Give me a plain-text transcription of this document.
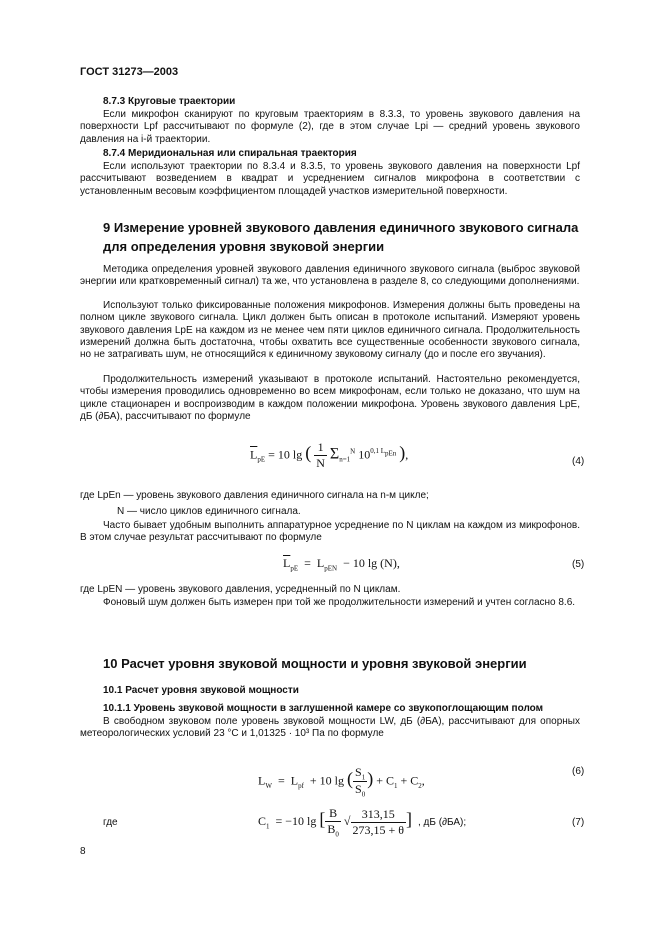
ГОСТ 31273—2003
8.7.3 Круговые траектории
Если микрофон сканируют по круговым траекториям в 8.3.3, то уровень звукового давления на поверхности Lpf рассчитывают по формуле (2), где в этом случае Lpi — средний уровень звукового давления на i-й траектории.
8.7.4 Меридиональная или спиральная траектория
Если используют траектории по 8.3.4 и 8.3.5, то уровень звукового давления на поверхности Lpf рассчитывают возведением в квадрат и усреднением сигналов микрофона в соответствии с установленным весовым коэффициентом площадей участков измерительной поверхности.
9 Измерение уровней звукового давления единичного звукового сигнала для определения уровня звуковой энергии
Методика определения уровней звукового давления единичного звукового сигнала (выброс звуковой энергии или кратковременный сигнал) та же, что установлена в разделе 8, со следующими дополнениями.
Используют только фиксированные положения микрофонов. Измерения должны быть проведены на полном цикле звукового сигнала. Цикл должен быть описан в протоколе испытаний. Измеряют уровень звукового давления LpE на каждом из не менее чем пяти циклов единичного сигнала. Продолжительность измерений должна быть достаточна, чтобы охватить все существенные особенности звукового сигнала, но не затрагивать шум, не относящийся к единичному звуковому сигналу (до и после его звучания).
Продолжительность измерений указывают в протоколе испытаний. Настоятельно рекомендуется, чтобы измерения проводились одновременно во всем микрофонам, если только не доказано, что шум на цикле стационарен и воспроизводим в каждом положении микрофона. Уровень звукового давления LpE, дБ (∂БА), рассчитывают по формуле
$\overline{L}_{pE} = 10$ lg ( $\frac{1}{N} \Sigma_{n=1}^N$ $10^{0,1 L_{pEn}}$ ),
(4)
где LpEn — уровень звукового давления единичного сигнала на n-м цикле;
N — число циклов единичного сигнала.
Часто бывает удобным выполнить аппаратурное усреднение по N циклам на каждом из микрофонов. В этом случае результат рассчитывают по формуле
$\overline{L}_{pE} = L_{pEN} - 10$ lg (N),	(5)
где LpEN — уровень звукового давления, усредненный по N циклам.
Фоновый шум должен быть измерен при той же продолжительности измерений и учтен согласно 8.6.
10 Расчет уровня звуковой мощности и уровня звуковой энергии
10.1 Расчет уровня звуковой мощности
10.1.1 Уровень звуковой мощности в заглушенной камере со звукопоглощающим полом
В свободном звуковом поле уровень звуковой мощности LW, дБ (∂БА), рассчитывают для опорных метеорологических условий 23 °С и 1,01325 · 10³ Па по формуле
$L_W = L_{pf} + 10$ lg ( $\frac{S_1}{S_0}$ ) + $C_1 + C_2$,
(6)
где	$C_1 = -10$ lg [ $\frac{B}{B_0}$ √ $\frac{313,15}{273,15 + \theta}$ ] , дБ (∂БА);	(7)
8
